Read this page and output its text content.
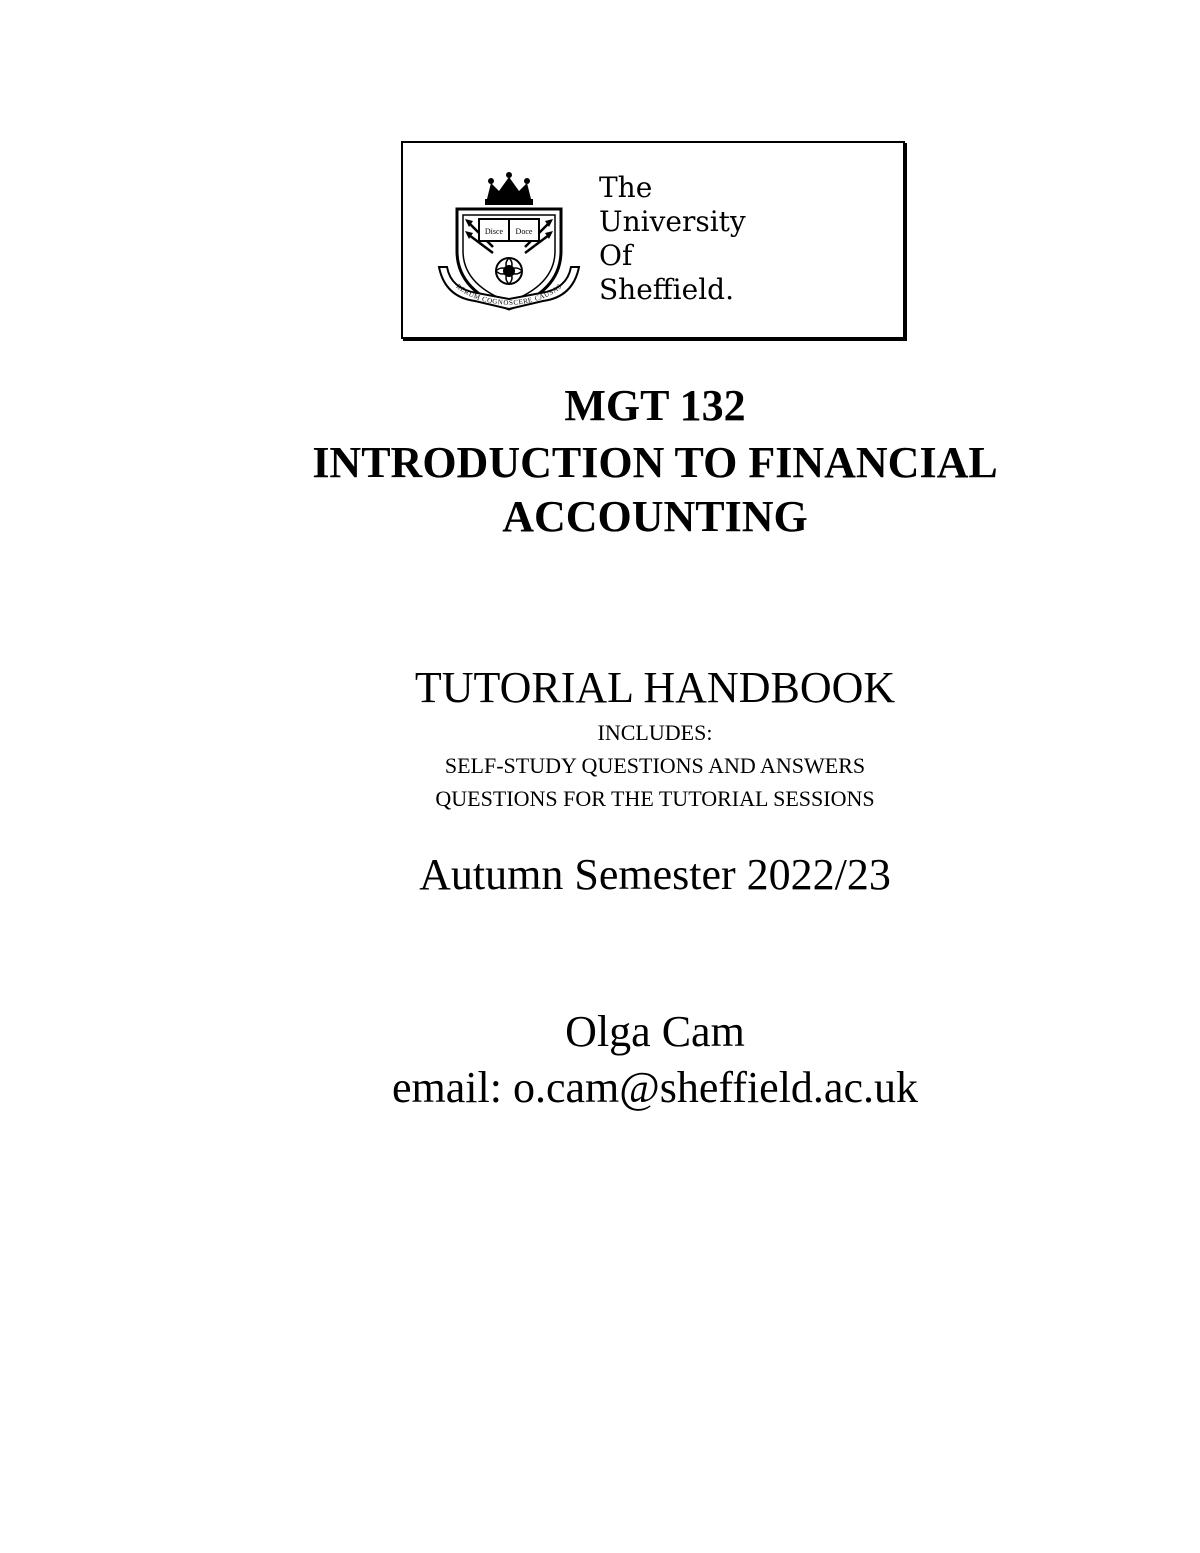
Disce Doce
RERUM COGNOSCERE CAUSAS
The
University
Of
Sheffield.
MGT 132
INTRODUCTION TO FINANCIAL
ACCOUNTING
TUTORIAL HANDBOOK
INCLUDES:
SELF-STUDY QUESTIONS AND ANSWERS
QUESTIONS FOR THE TUTORIAL SESSIONS
Autumn Semester 2022/23
Olga Cam
email: o.cam@sheffield.ac.uk
